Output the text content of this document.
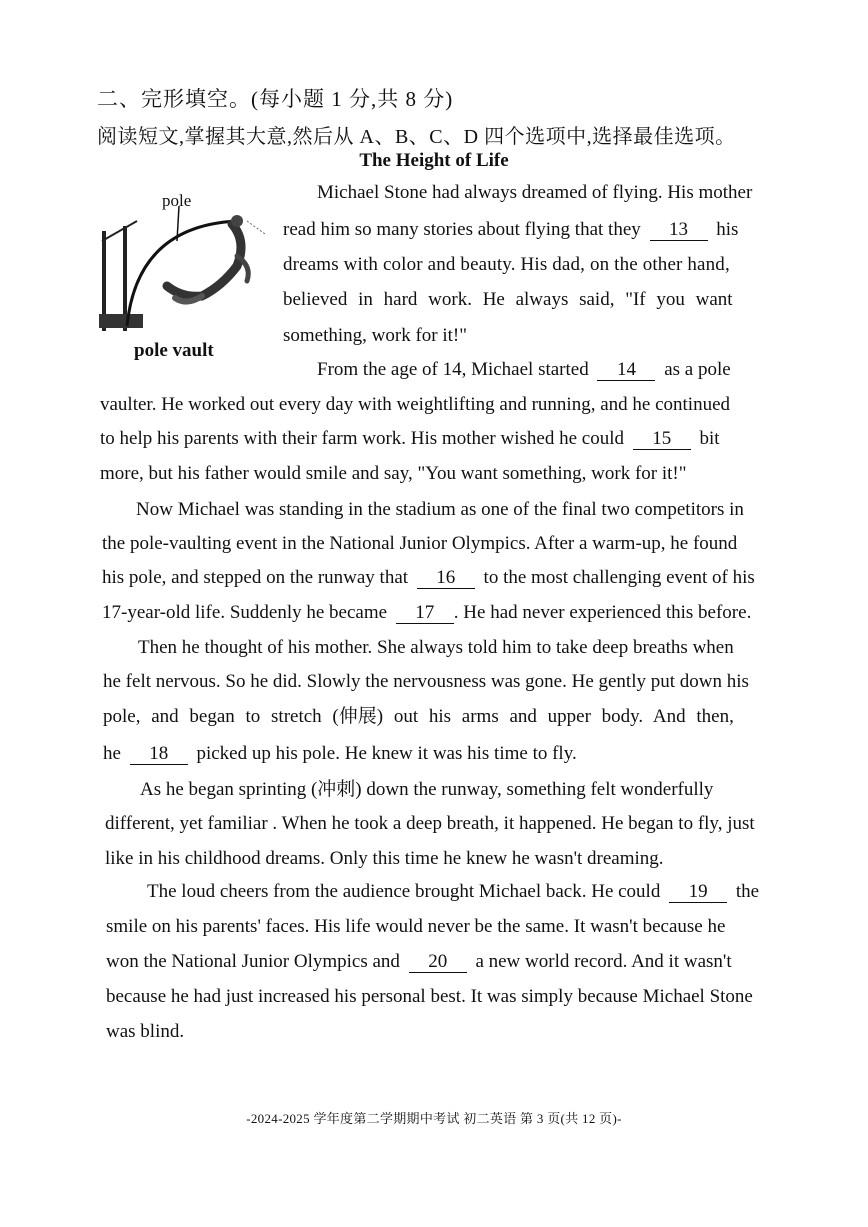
二、完形填空。(每小题 1 分,共 8 分)
阅读短文,掌握其大意,然后从 A、B、C、D 四个选项中,选择最佳选项。
The Height of Life
pole
pole vault
Michael Stone had always dreamed of flying. His mother
read him so many stories about flying that they 13 his
dreams with color and beauty. His dad, on the other hand,
believed in hard work. He always said, "If you want
something, work for it!"
From the age of 14, Michael started 14 as a pole
vaulter. He worked out every day with weightlifting and running, and he continued
to help his parents with their farm work. His mother wished he could 15 bit
more, but his father would smile and say, "You want something, work for it!"
Now Michael was standing in the stadium as one of the final two competitors in
the pole-vaulting event in the National Junior Olympics. After a warm-up, he found
his pole, and stepped on the runway that 16 to the most challenging event of his
17-year-old life. Suddenly he became 17 . He had never experienced this before.
Then he thought of his mother. She always told him to take deep breaths when
he felt nervous. So he did. Slowly the nervousness was gone. He gently put down his
pole, and began to stretch (伸展) out his arms and upper body. And then,
he 18 picked up his pole. He knew it was his time to fly.
As he began sprinting (冲刺) down the runway, something felt wonderfully
different, yet familiar . When he took a deep breath, it happened. He began to fly, just
like in his childhood dreams. Only this time he knew he wasn't dreaming.
The loud cheers from the audience brought Michael back. He could 19 the
smile on his parents' faces. His life would never be the same. It wasn't because he
won the National Junior Olympics and 20 a new world record. And it wasn't
because he had just increased his personal best. It was simply because Michael Stone
was blind.
-2024-2025 学年度第二学期期中考试 初二英语 第 3 页(共 12 页)-
